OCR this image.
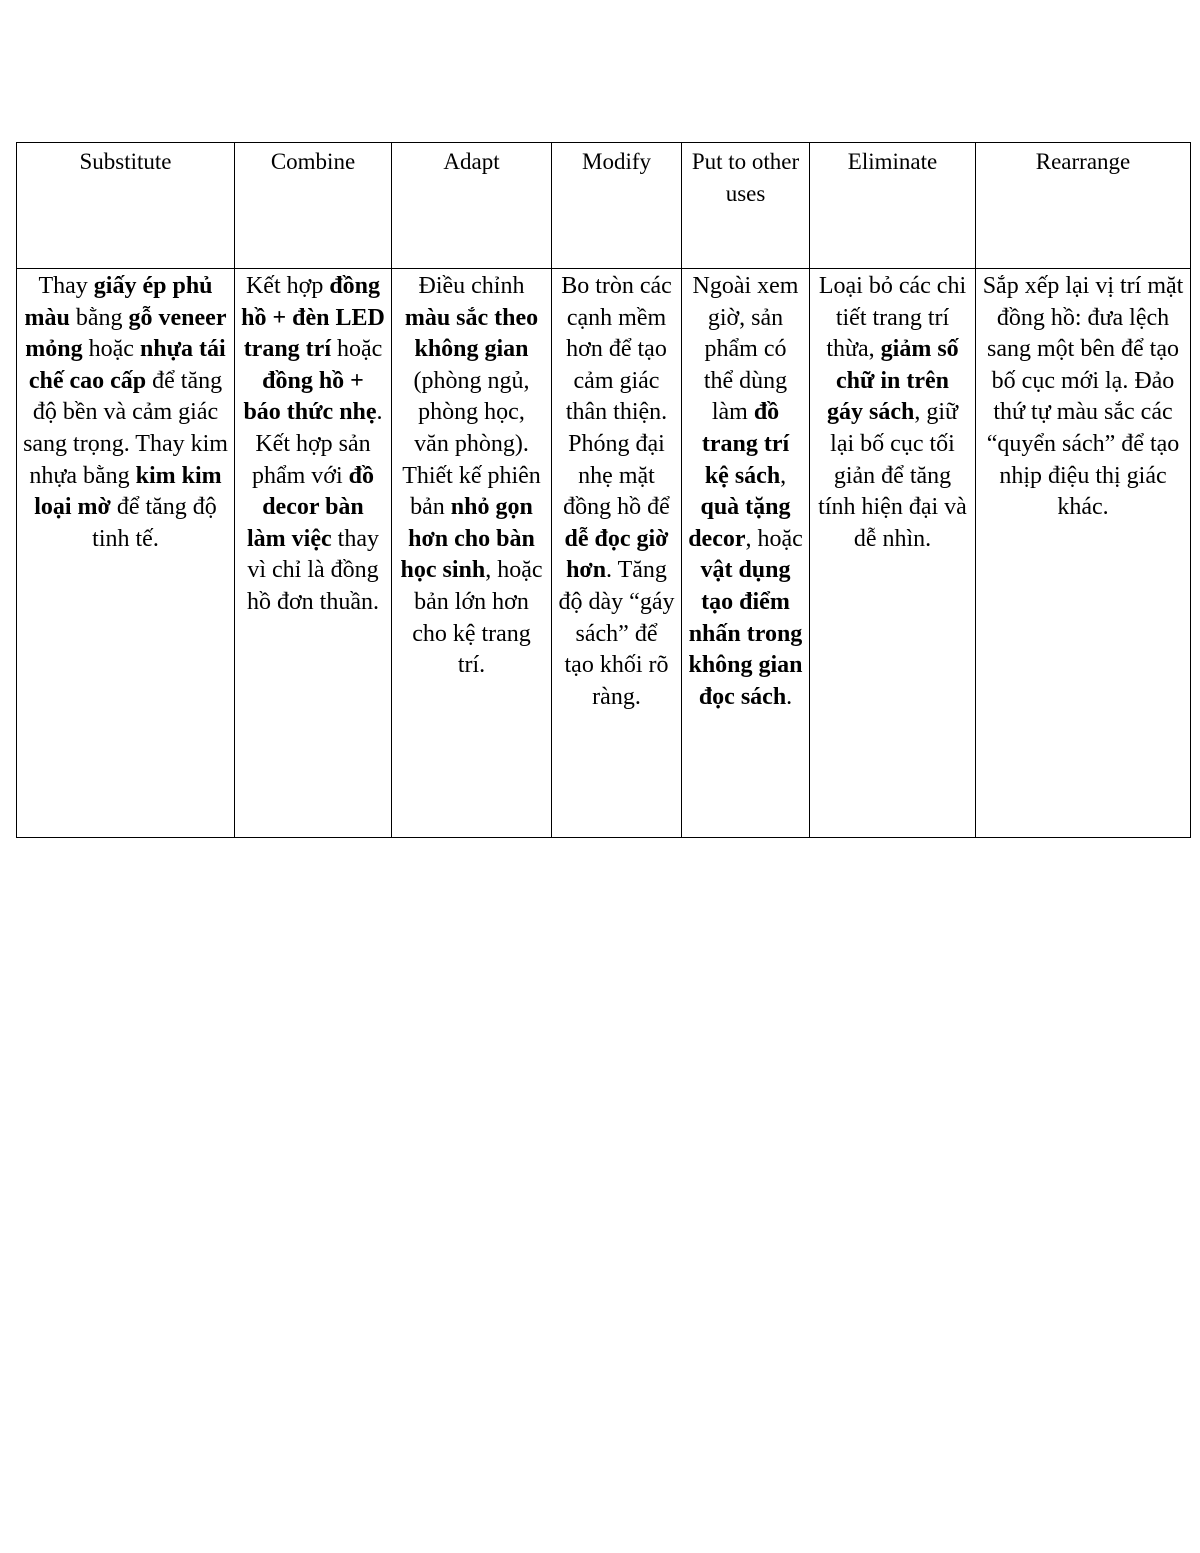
Substitute	Combine	Adapt	Modify	Put to other uses	Eliminate	Rearrange
Thay giấy ép phủ màu bằng gỗ veneer mỏng hoặc nhựa tái chế cao cấp để tăng độ bền và cảm giác sang trọng. Thay kim nhựa bằng kim kim loại mờ để tăng độ tinh tế.	Kết hợp đồng hồ + đèn LED trang trí hoặc đồng hồ + báo thức nhẹ. Kết hợp sản phẩm với đồ decor bàn làm việc thay vì chỉ là đồng hồ đơn thuần.	Điều chỉnh màu sắc theo không gian (phòng ngủ, phòng học, văn phòng). Thiết kế phiên bản nhỏ gọn hơn cho bàn học sinh, hoặc bản lớn hơn cho kệ trang trí.	Bo tròn các cạnh mềm hơn để tạo cảm giác thân thiện. Phóng đại nhẹ mặt đồng hồ để dễ đọc giờ hơn. Tăng độ dày “gáy sách” để tạo khối rõ ràng.	Ngoài xem giờ, sản phẩm có thể dùng làm đồ trang trí kệ sách, quà tặng decor, hoặc vật dụng tạo điểm nhấn trong không gian đọc sách.	Loại bỏ các chi tiết trang trí thừa, giảm số chữ in trên gáy sách, giữ lại bố cục tối giản để tăng tính hiện đại và dễ nhìn.	Sắp xếp lại vị trí mặt đồng hồ: đưa lệch sang một bên để tạo bố cục mới lạ. Đảo thứ tự màu sắc các “quyển sách” để tạo nhịp điệu thị giác khác.
